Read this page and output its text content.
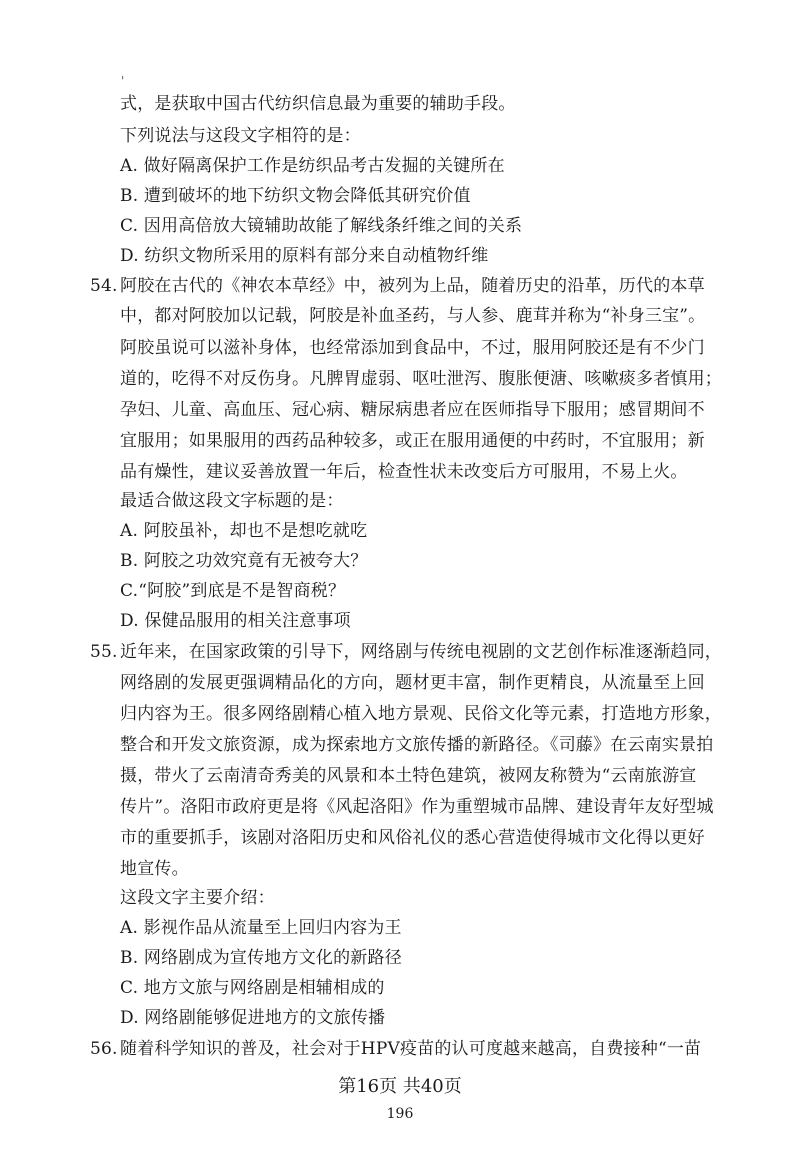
'
式，是获取中国古代纺织信息最为重要的辅助手段。
下列说法与这段文字相符的是：
A. 做好隔离保护工作是纺织品考古发掘的关键所在
B. 遭到破坏的地下纺织文物会降低其研究价值
C. 因用高倍放大镜辅助故能了解线条纤维之间的关系
D. 纺织文物所采用的原料有部分来自动植物纤维
54. 阿胶在古代的《神农本草经》中，被列为上品，随着历史的沿革，历代的本草
中，都对阿胶加以记载，阿胶是补血圣药，与人参、鹿茸并称为“补身三宝”。
阿胶虽说可以滋补身体，也经常添加到食品中，不过，服用阿胶还是有不少门
道的，吃得不对反伤身。凡脾胃虚弱、呕吐泄泻、腹胀便溏、咳嗽痰多者慎用；
孕妇、儿童、高血压、冠心病、糖尿病患者应在医师指导下服用；感冒期间不
宜服用；如果服用的西药品种较多，或正在服用通便的中药时，不宜服用；新
品有燥性，建议妥善放置一年后，检查性状未改变后方可服用，不易上火。
最适合做这段文字标题的是：
A. 阿胶虽补，却也不是想吃就吃
B. 阿胶之功效究竟有无被夸大？
C.“阿胶”到底是不是智商税？
D. 保健品服用的相关注意事项
55. 近年来，在国家政策的引导下，网络剧与传统电视剧的文艺创作标准逐渐趋同，
网络剧的发展更强调精品化的方向，题材更丰富，制作更精良，从流量至上回
归内容为王。很多网络剧精心植入地方景观、民俗文化等元素，打造地方形象，
整合和开发文旅资源，成为探索地方文旅传播的新路径。《司藤》在云南实景拍
摄，带火了云南清奇秀美的风景和本土特色建筑，被网友称赞为“云南旅游宣
传片”。洛阳市政府更是将《风起洛阳》作为重塑城市品牌、建设青年友好型城
市的重要抓手，该剧对洛阳历史和风俗礼仪的悉心营造使得城市文化得以更好
地宣传。
这段文字主要介绍：
A. 影视作品从流量至上回归内容为王
B. 网络剧成为宣传地方文化的新路径
C. 地方文旅与网络剧是相辅相成的
D. 网络剧能够促进地方的文旅传播
56. 随着科学知识的普及，社会对于HPV疫苗的认可度越来越高，自费接种“一苗
第16页 共40页
196
